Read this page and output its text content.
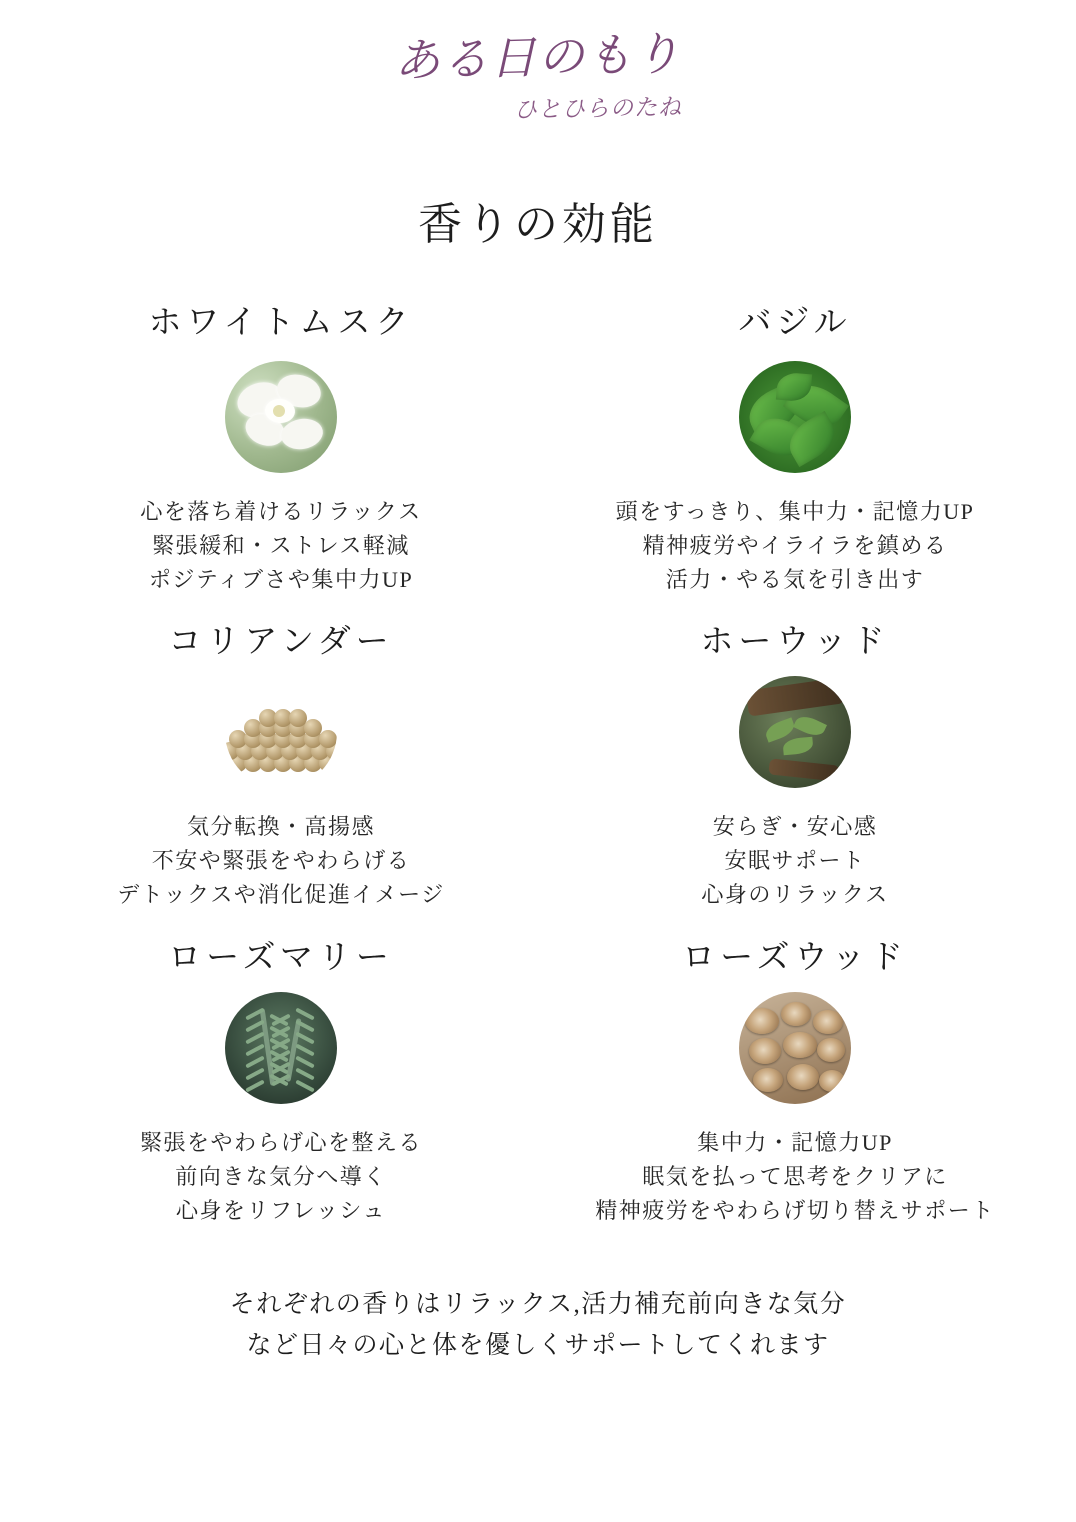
ある日のもり
ひとひらのたね
香りの効能
ホワイトムスク
心を落ち着けるリラックス
緊張緩和・ストレス軽減
ポジティブさや集中力UP
バジル
頭をすっきり、集中力・記憶力UP
精神疲労やイライラを鎮める
活力・やる気を引き出す
コリアンダー
気分転換・高揚感
不安や緊張をやわらげる
デトックスや消化促進イメージ
ホーウッド
安らぎ・安心感
安眠サポート
心身のリラックス
ローズマリー
緊張をやわらげ心を整える
前向きな気分へ導く
心身をリフレッシュ
ローズウッド
集中力・記憶力UP
眠気を払って思考をクリアに
精神疲労をやわらげ切り替えサポート
それぞれの香りはリラックス,活力補充前向きな気分
など日々の心と体を優しくサポートしてくれます
